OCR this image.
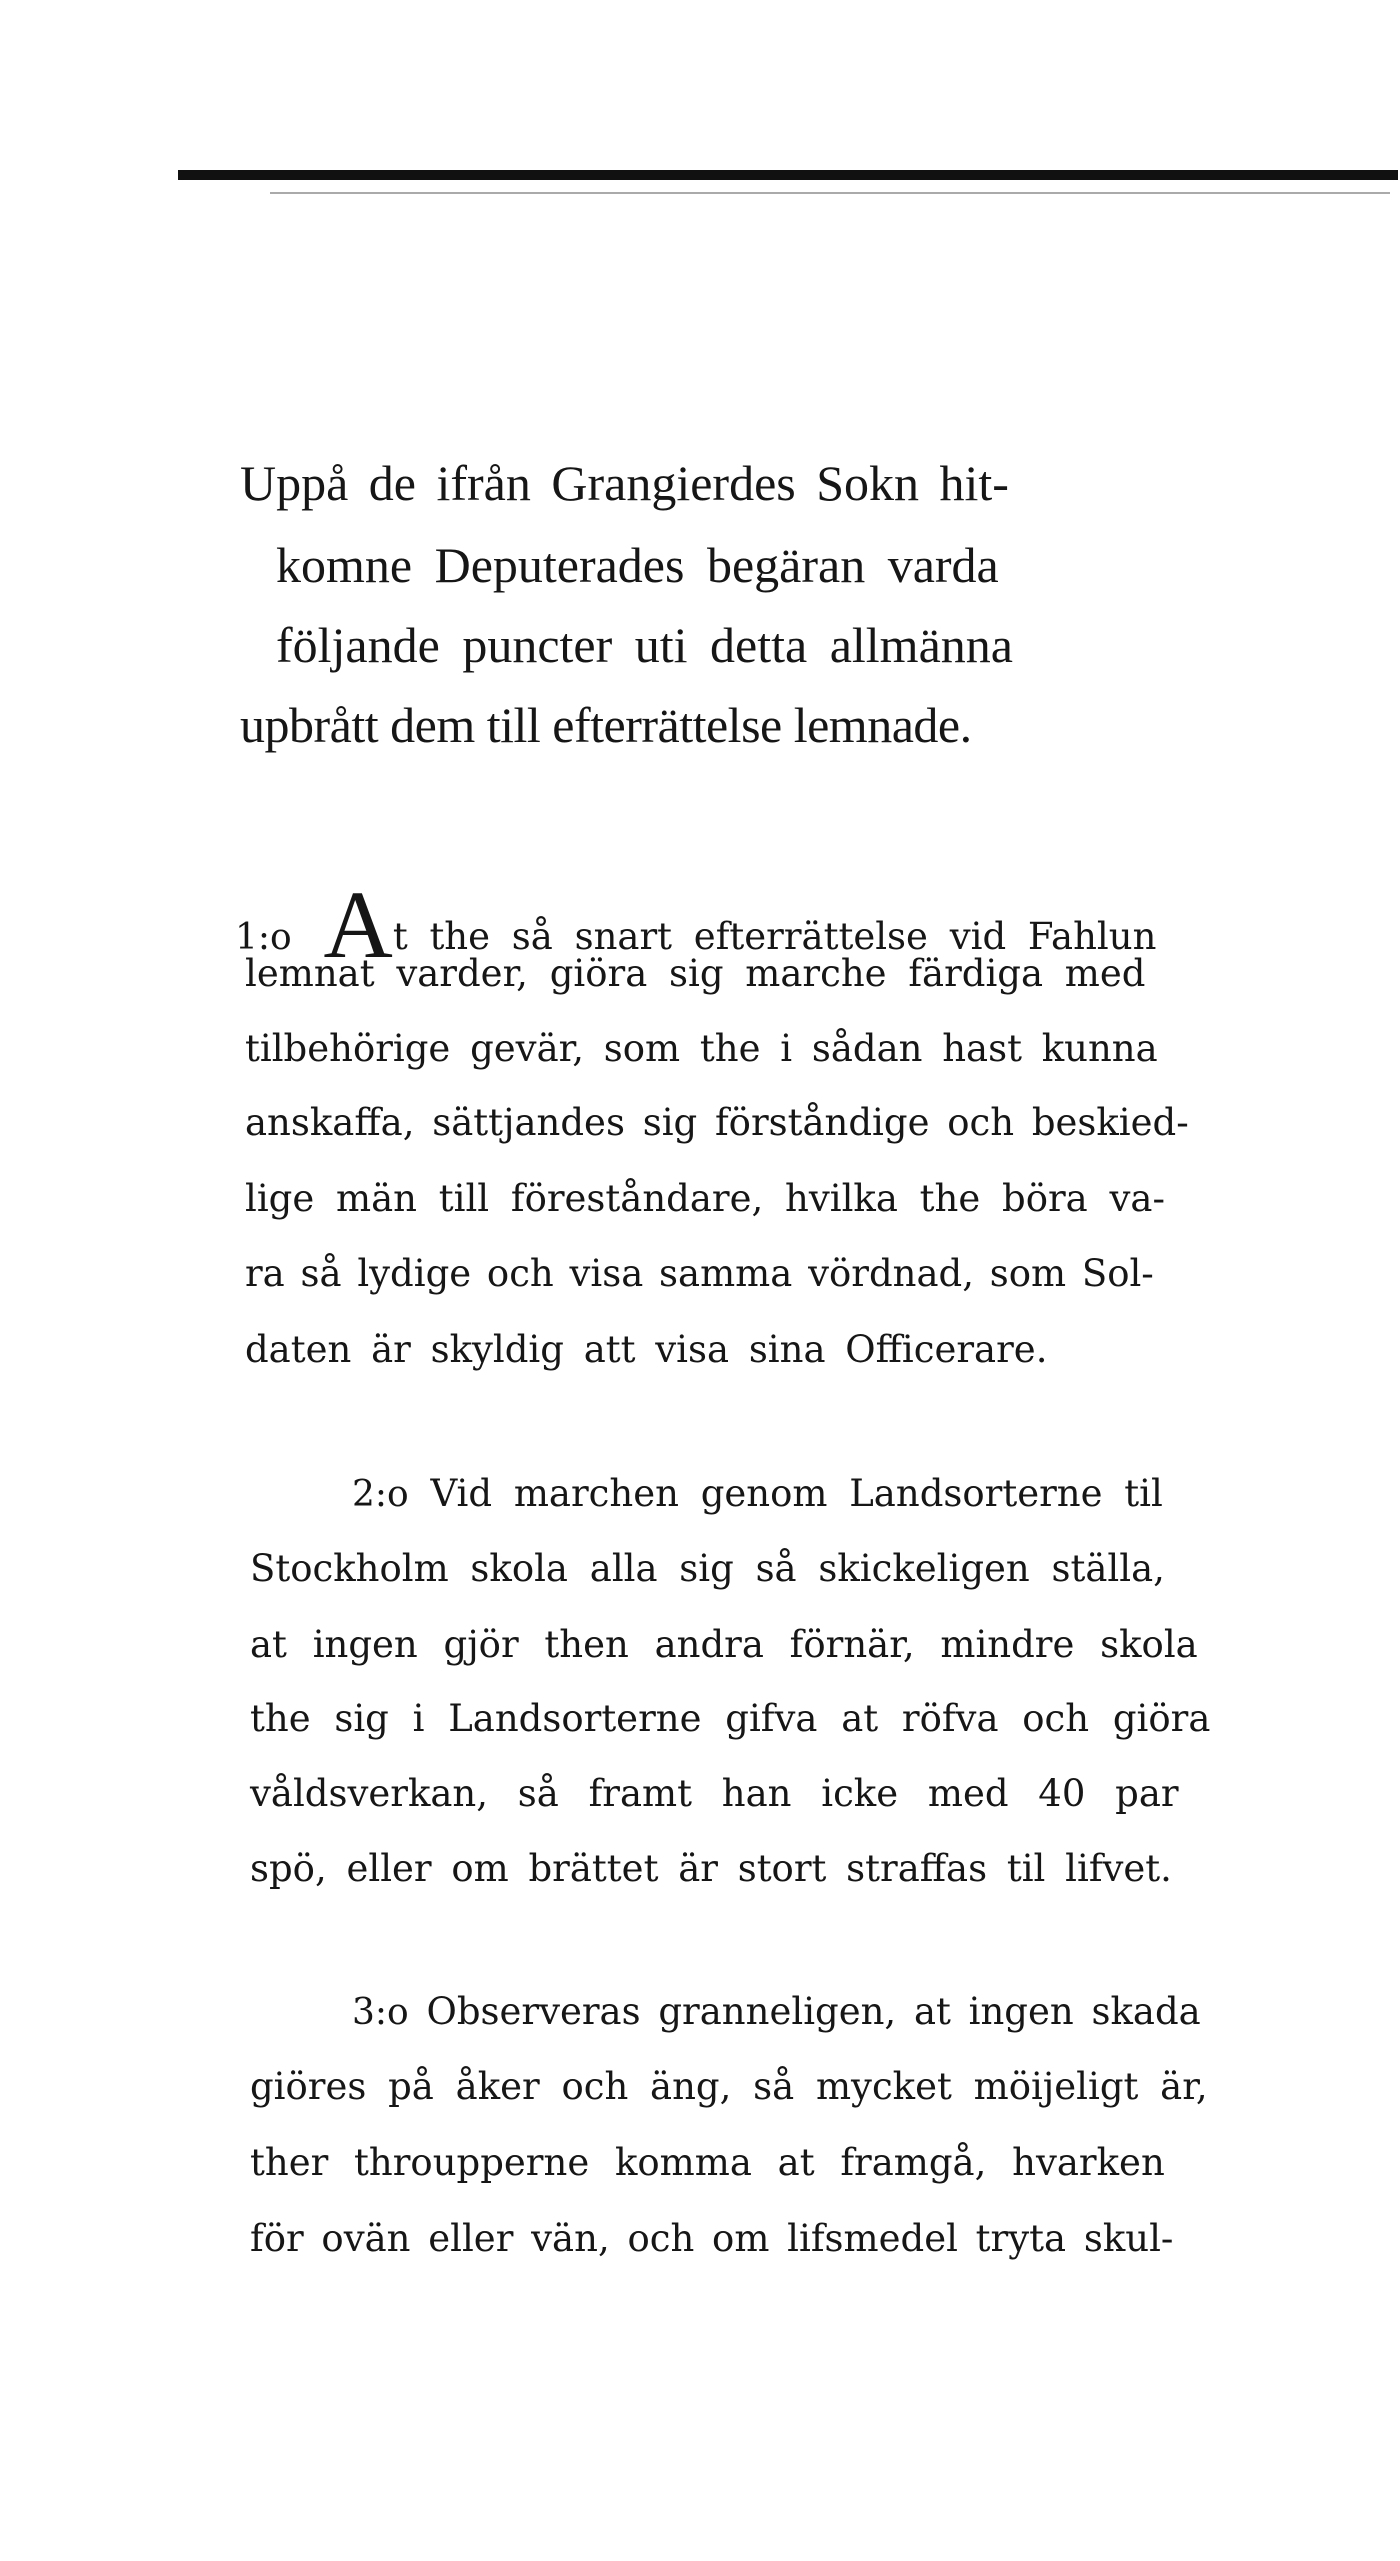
Uppå de ifrån Grangierdes Sokn hit-
komne Deputerades begäran varda
följande puncter uti detta allmänna
upbrått dem till efterrättelse lemnade.
1:o At the så snart efterrättelse vid Fahlun
lemnat varder, giöra sig marche färdiga med
tilbehörige gevär, som the i sådan hast kunna
anskaffa, sättjandes sig förståndige och beskied-
lige män till föreståndare, hvilka the böra va-
ra så lydige och visa samma vördnad, som Sol-
daten är skyldig att visa sina Officerare.
2:o Vid marchen genom Landsorterne til
Stockholm skola alla sig så skickeligen ställa,
at ingen gjör then andra förnär, mindre skola
the sig i Landsorterne gifva at röfva och giöra
våldsverkan, så framt han icke med 40 par
spö, eller om brättet är stort straffas til lifvet.
3:o Observeras granneligen, at ingen skada
giöres på åker och äng, så mycket möijeligt är,
ther throupperne komma at framgå, hvarken
för ovän eller vän, och om lifsmedel tryta skul-
